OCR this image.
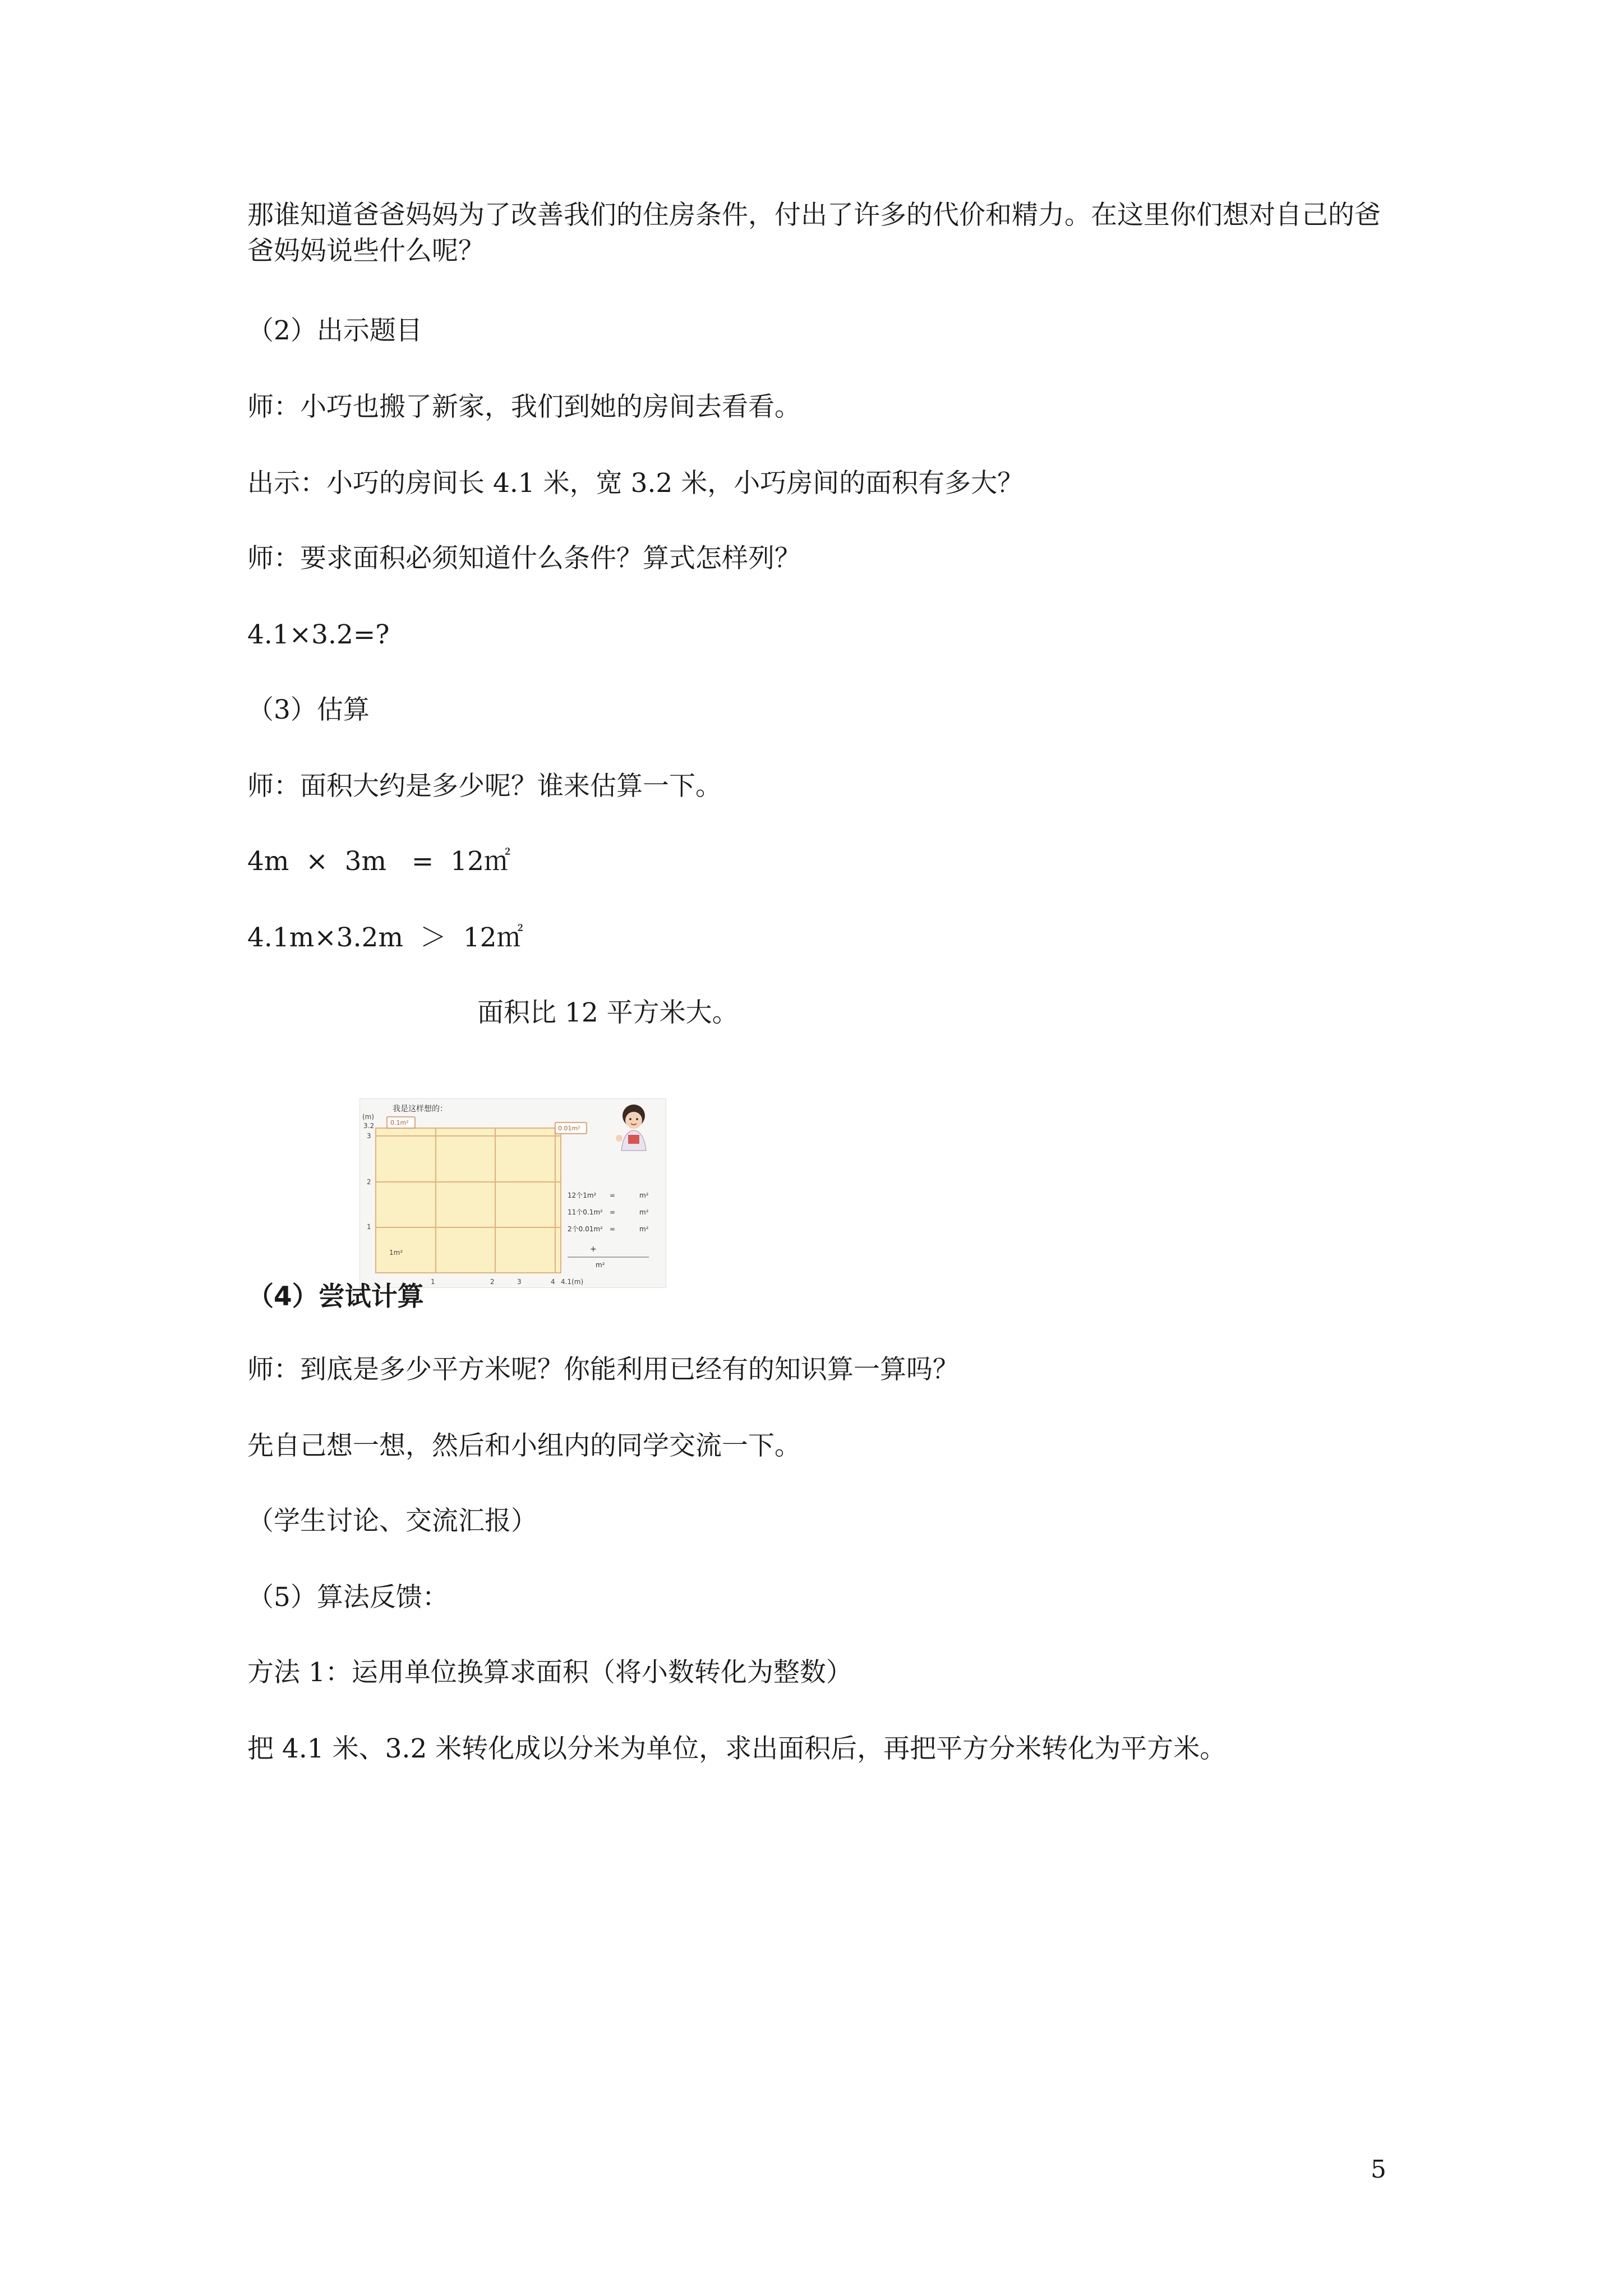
那谁知道爸爸妈妈为了改善我们的住房条件，付出了许多的代价和精力。在这里你们想对自己的爸爸妈妈说些什么呢？
（2）出示题目
师：小巧也搬了新家，我们到她的房间去看看。
出示：小巧的房间长 4.1 米，宽 3.2 米，小巧房间的面积有多大？
师：要求面积必须知道什么条件？算式怎样列？
4.1×3.2=?
（3）估算
师：面积大约是多少呢？谁来估算一下。
4m  ×  3m   =  12㎡
4.1m×3.2m  ＞  12㎡
面积比 12 平方米大。
我是这样想的：
(m)
3.2
3
2
1
0.1m²
0.01m²
1m²
1	2	3	4 4.1(m)
12个1m² =	m²
11个0.1m² =	m²
2个0.01m² =	m²
+
m²
（4）尝试计算
师：到底是多少平方米呢？你能利用已经有的知识算一算吗？
先自己想一想，然后和小组内的同学交流一下。
（学生讨论、交流汇报）
（5）算法反馈：
方法 1：运用单位换算求面积（将小数转化为整数）
把 4.1 米、3.2 米转化成以分米为单位，求出面积后，再把平方分米转化为平方米。
5
